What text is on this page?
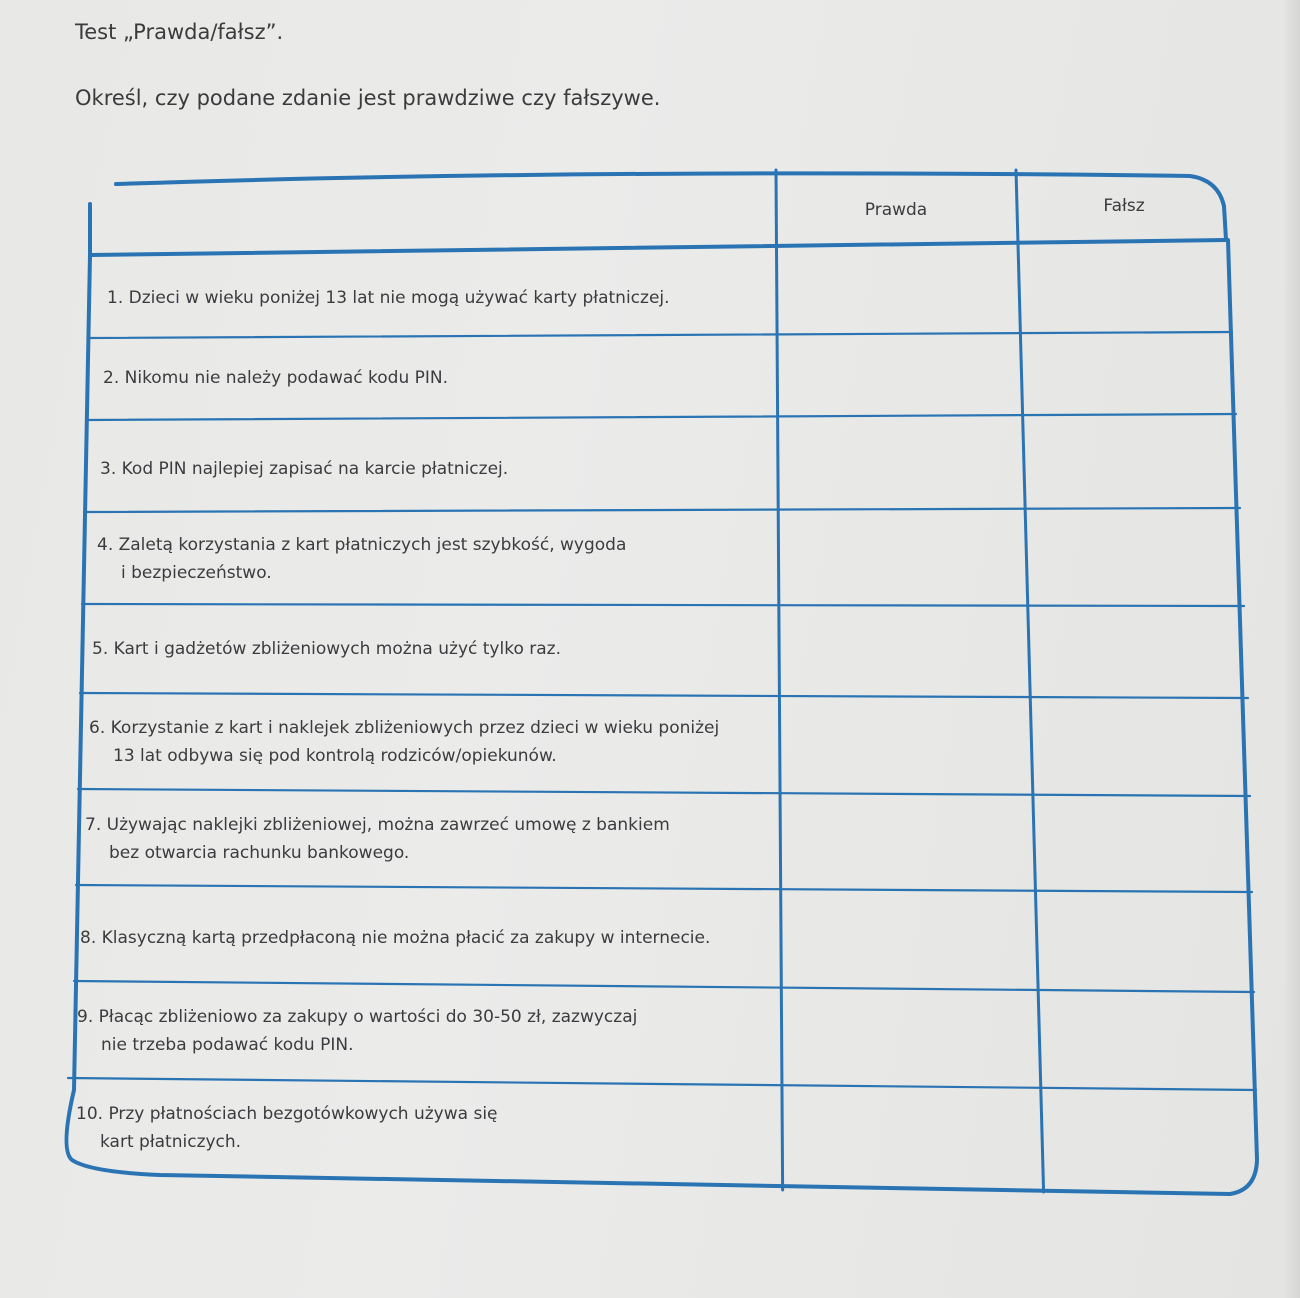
Test „Prawda/fałsz”.
Określ, czy podane zdanie jest prawdziwe czy fałszywe.
Prawda	Fałsz
1. Dzieci w wieku poniżej 13 lat nie mogą używać karty płatniczej.
2. Nikomu nie należy podawać kodu PIN.
3. Kod PIN najlepiej zapisać na karcie płatniczej.
4. Zaletą korzystania z kart płatniczych jest szybkość, wygoda
i bezpieczeństwo.
5. Kart i gadżetów zbliżeniowych można użyć tylko raz.
6. Korzystanie z kart i naklejek zbliżeniowych przez dzieci w wieku poniżej
13 lat odbywa się pod kontrolą rodziców/opiekunów.
7. Używając naklejki zbliżeniowej, można zawrzeć umowę z bankiem
bez otwarcia rachunku bankowego.
8. Klasyczną kartą przedpłaconą nie można płacić za zakupy w internecie.
9. Płacąc zbliżeniowo za zakupy o wartości do 30-50 zł, zazwyczaj
nie trzeba podawać kodu PIN.
10. Przy płatnościach bezgotówkowych używa się
kart płatniczych.
